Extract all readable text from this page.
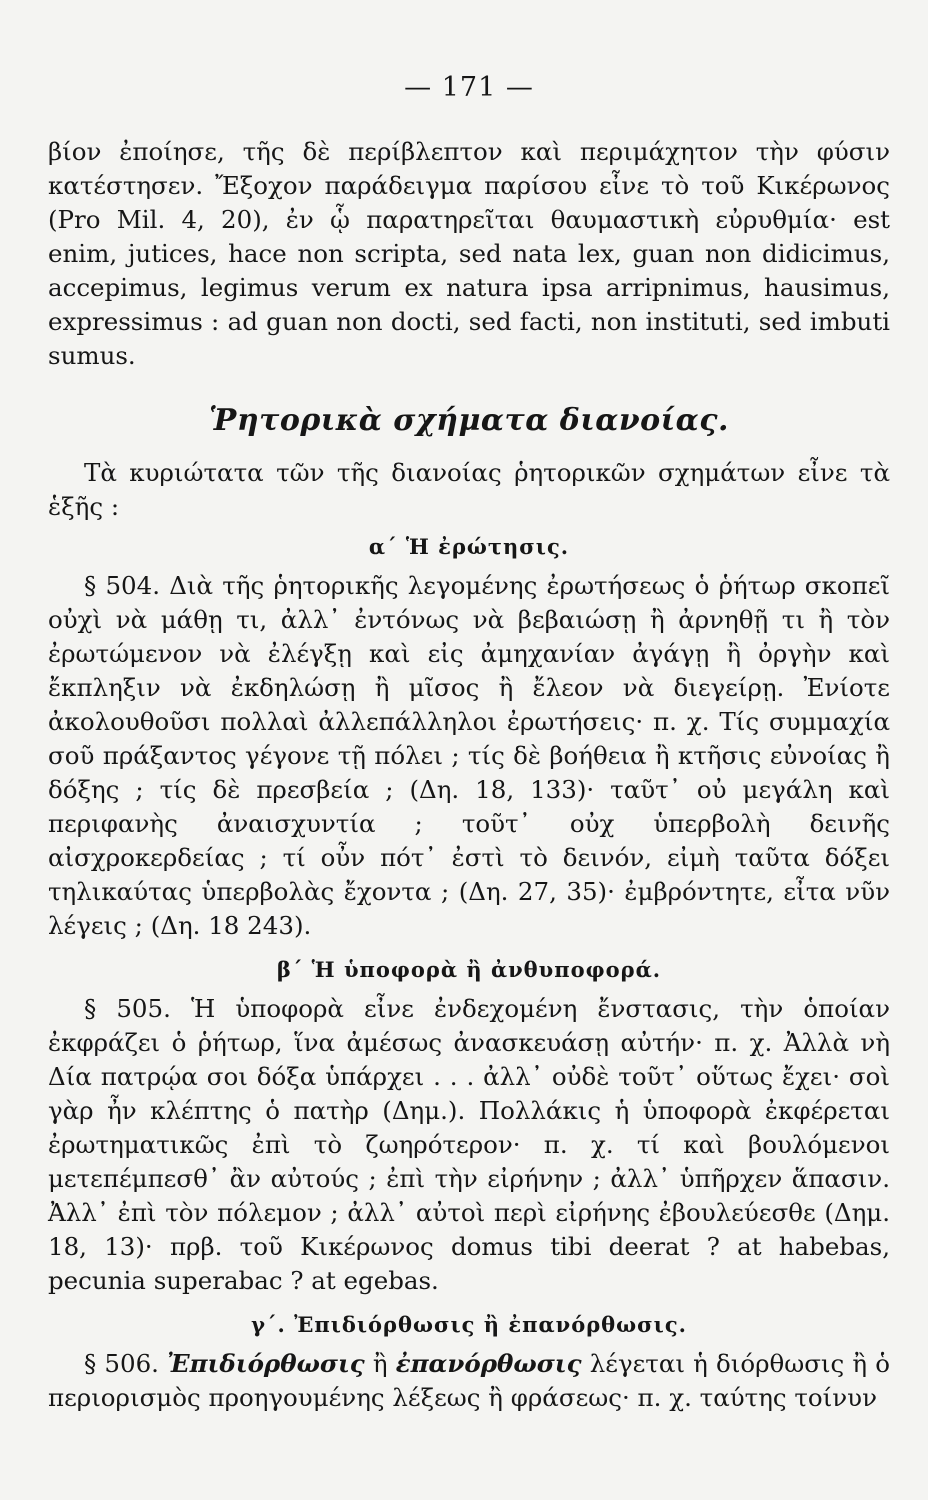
— 171 —

βίον ἐποίησε, τῆς δὲ περίβλεπτον καὶ περιμάχητον τὴν φύσιν κατέστησεν. Ἔξοχον παράδειγμα παρίσου εἶνε τὸ τοῦ Κικέρωνος (Pro Mil. 4, 20), ἐν ᾧ παρατηρεῖται θαυμαστικὴ εὐρυθμία· est enim, jutices, hace non scripta, sed nata lex, guan non didicimus, accepimus, legimus verum ex natura ipsa arripnimus, hausimus, expressimus : ad guan non docti, sed facti, non instituti, sed imbuti sumus.

Ῥητορικὰ σχήματα διανοίας.

Τὰ κυριώτατα τῶν τῆς διανοίας ῥητορικῶν σχημάτων εἶνε τὰ ἑξῆς :

α΄ Ἡ ἐρώτησις.

§ 504. Διὰ τῆς ῥητορικῆς λεγομένης ἐρωτήσεως ὁ ῥήτωρ σκοπεῖ οὐχὶ νὰ μάθῃ τι, ἀλλ᾽ ἐντόνως νὰ βεβαιώσῃ ἢ ἀρνηθῇ τι ἢ τὸν ἐρωτώμενον νὰ ἐλέγξῃ καὶ εἰς ἀμηχανίαν ἀγάγῃ ἢ ὀργὴν καὶ ἔκπληξιν νὰ ἐκδηλώσῃ ἢ μῖσος ἢ ἔλεον νὰ διεγείρῃ. Ἐνίοτε ἀκολουθοῦσι πολλαὶ ἀλλεπάλληλοι ἐρωτήσεις· π. χ. Τίς συμμαχία σοῦ πράξαντος γέγονε τῇ πόλει ; τίς δὲ βοήθεια ἢ κτῆσις εὐνοίας ἢ δόξης ; τίς δὲ πρεσβεία ; (Δη. 18, 133)· ταῦτ᾽ οὐ μεγάλη καὶ περιφανὴς ἀναισχυντία ; τοῦτ᾽ οὐχ ὑπερβολὴ δεινῆς αἰσχροκερδείας ; τί οὖν πότ᾽ ἐστὶ τὸ δεινόν, εἰμὴ ταῦτα δόξει τηλικαύτας ὑπερβολὰς ἔχοντα ; (Δη. 27, 35)· ἐμβρόντητε, εἶτα νῦν λέγεις ; (Δη. 18 243).

β΄ Ἡ ὑποφορὰ ἢ ἀνθυποφορά.

§ 505. Ἡ ὑποφορὰ εἶνε ἐνδεχομένη ἔνστασις, τὴν ὁποίαν ἐκφράζει ὁ ῥήτωρ, ἵνα ἀμέσως ἀνασκευάσῃ αὐτήν· π. χ. Ἀλλὰ νὴ Δία πατρῴα σοι δόξα ὑπάρχει . . . ἀλλ᾽ οὐδὲ τοῦτ᾽ οὕτως ἔχει· σοὶ γὰρ ἦν κλέπτης ὁ πατὴρ (Δημ.). Πολλάκις ἡ ὑποφορὰ ἐκφέρεται ἐρωτηματικῶς ἐπὶ τὸ ζωηρότερον· π. χ. τί καὶ βουλόμενοι μετεπέμπεσθ᾽ ἂν αὐτούς ; ἐπὶ τὴν εἰρήνην ; ἀλλ᾽ ὑπῆρχεν ἅπασιν. Ἀλλ᾽ ἐπὶ τὸν πόλεμον ; ἀλλ᾽ αὐτοὶ περὶ εἰρήνης ἐβουλεύεσθε (Δημ. 18, 13)· πρβ. τοῦ Κικέρωνος domus tibi deerat ? at habebas, pecunia superabac ? at egebas.

γ΄. Ἐπιδιόρθωσις ἢ ἐπανόρθωσις.

§ 506. Ἐπιδιόρθωσις ἢ ἐπανόρθωσις λέγεται ἡ διόρθωσις ἢ ὁ περιορισμὸς προηγουμένης λέξεως ἢ φράσεως· π. χ. ταύτης τοίνυν
